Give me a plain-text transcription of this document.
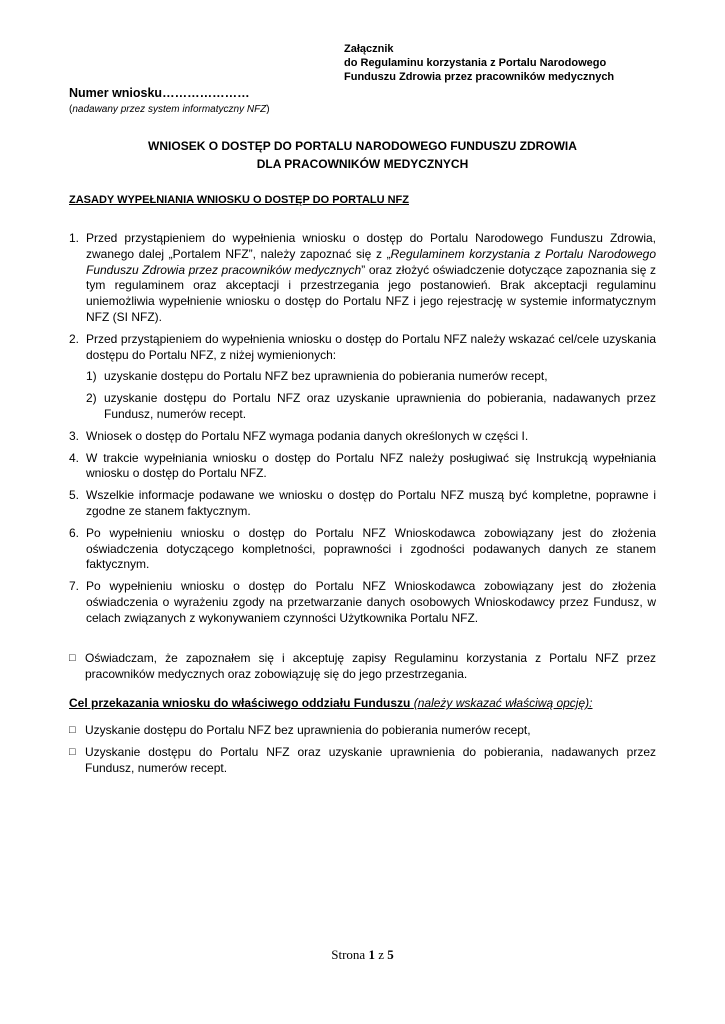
Załącznik
do Regulaminu korzystania z Portalu Narodowego
Funduszu Zdrowia przez pracowników medycznych
Numer wniosku…………………
(nadawany przez system informatyczny NFZ)
WNIOSEK O DOSTĘP DO PORTALU NARODOWEGO FUNDUSZU ZDROWIA
DLA PRACOWNIKÓW MEDYCZNYCH
ZASADY WYPEŁNIANIA WNIOSKU O DOSTĘP DO PORTALU NFZ
1. Przed przystąpieniem do wypełnienia wniosku o dostęp do Portalu Narodowego Funduszu Zdrowia, zwanego dalej „Portalem NFZ”, należy zapoznać się z „Regulaminem korzystania z Portalu Narodowego Funduszu Zdrowia przez pracowników medycznych” oraz złożyć oświadczenie dotyczące zapoznania się z tym regulaminem oraz akceptacji i przestrzegania jego postanowień. Brak akceptacji regulaminu uniemożliwia wypełnienie wniosku o dostęp do Portalu NFZ i jego rejestrację w systemie informatycznym NFZ (SI NFZ).
2. Przed przystąpieniem do wypełnienia wniosku o dostęp do Portalu NFZ należy wskazać cel/cele uzyskania dostępu do Portalu NFZ, z niżej wymienionych:
1) uzyskanie dostępu do Portalu NFZ bez uprawnienia do pobierania numerów recept,
2) uzyskanie dostępu do Portalu NFZ oraz uzyskanie uprawnienia do pobierania, nadawanych przez Fundusz, numerów recept.
3. Wniosek o dostęp do Portalu NFZ wymaga podania danych określonych w części I.
4. W trakcie wypełniania wniosku o dostęp do Portalu NFZ należy posługiwać się Instrukcją wypełniania wniosku o dostęp do Portalu NFZ.
5. Wszelkie informacje podawane we wniosku o dostęp do Portalu NFZ muszą być kompletne, poprawne i zgodne ze stanem faktycznym.
6. Po wypełnieniu wniosku o dostęp do Portalu NFZ Wnioskodawca zobowiązany jest do złożenia oświadczenia dotyczącego kompletności, poprawności i zgodności podawanych danych ze stanem faktycznym.
7. Po wypełnieniu wniosku o dostęp do Portalu NFZ Wnioskodawca zobowiązany jest do złożenia oświadczenia o wyrażeniu zgody na przetwarzanie danych osobowych Wnioskodawcy przez Fundusz, w celach związanych z wykonywaniem czynności Użytkownika Portalu NFZ.
□ Oświadczam, że zapoznałem się i akceptuję zapisy Regulaminu korzystania z Portalu NFZ przez pracowników medycznych oraz zobowiązuję się do jego przestrzegania.
Cel przekazania wniosku do właściwego oddziału Funduszu (należy wskazać właściwą opcję):
□ Uzyskanie dostępu do Portalu NFZ bez uprawnienia do pobierania numerów recept,
□ Uzyskanie dostępu do Portalu NFZ oraz uzyskanie uprawnienia do pobierania, nadawanych przez Fundusz, numerów recept.
Strona 1 z 5
